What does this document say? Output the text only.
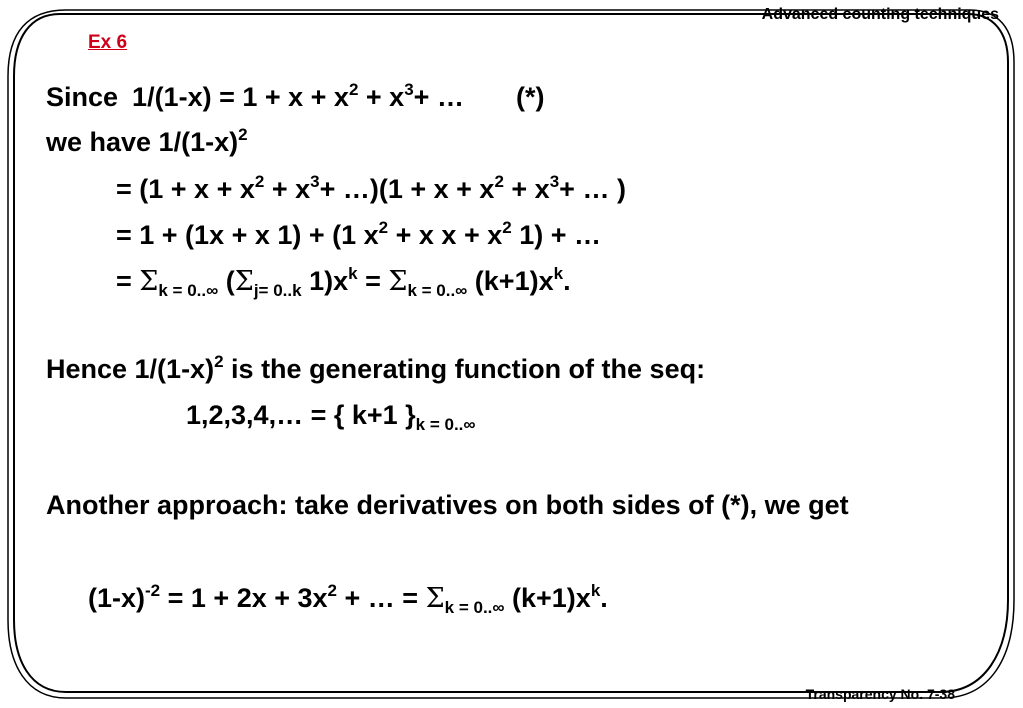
Advanced counting techniques
Transparency No. 7-38
Ex 6
Since $1/(1-x) = 1 + x + x^2 + x^3+$ … (*)
we have $1/(1-x)^2$
= ($1 + x + x^2 + x^3+$ …)(1 + $x + x^2 + x^3+$ … )
= 1 + (1x + x 1) + (1 $x^2 + x$ $x + x^2$ 1) + …
= $\Sigma_{k = 0..\infty}$ ($\Sigma_{j= 0..k}$ $1)x^k = \Sigma_{k = 0..\infty}$ $(k+1)x^k$.
Hence $1/(1-x)^2$ is the generating function of the seq:
1,2,3,4,… = { k+1 }$_{k = 0..\infty}$
Another approach: take derivatives on both sides of (*), we get
$(1-x)^{-2} = 1 + 2x + 3x^2$ + … = $\Sigma_{k = 0..\infty}$ $(k+1)x^k$.
